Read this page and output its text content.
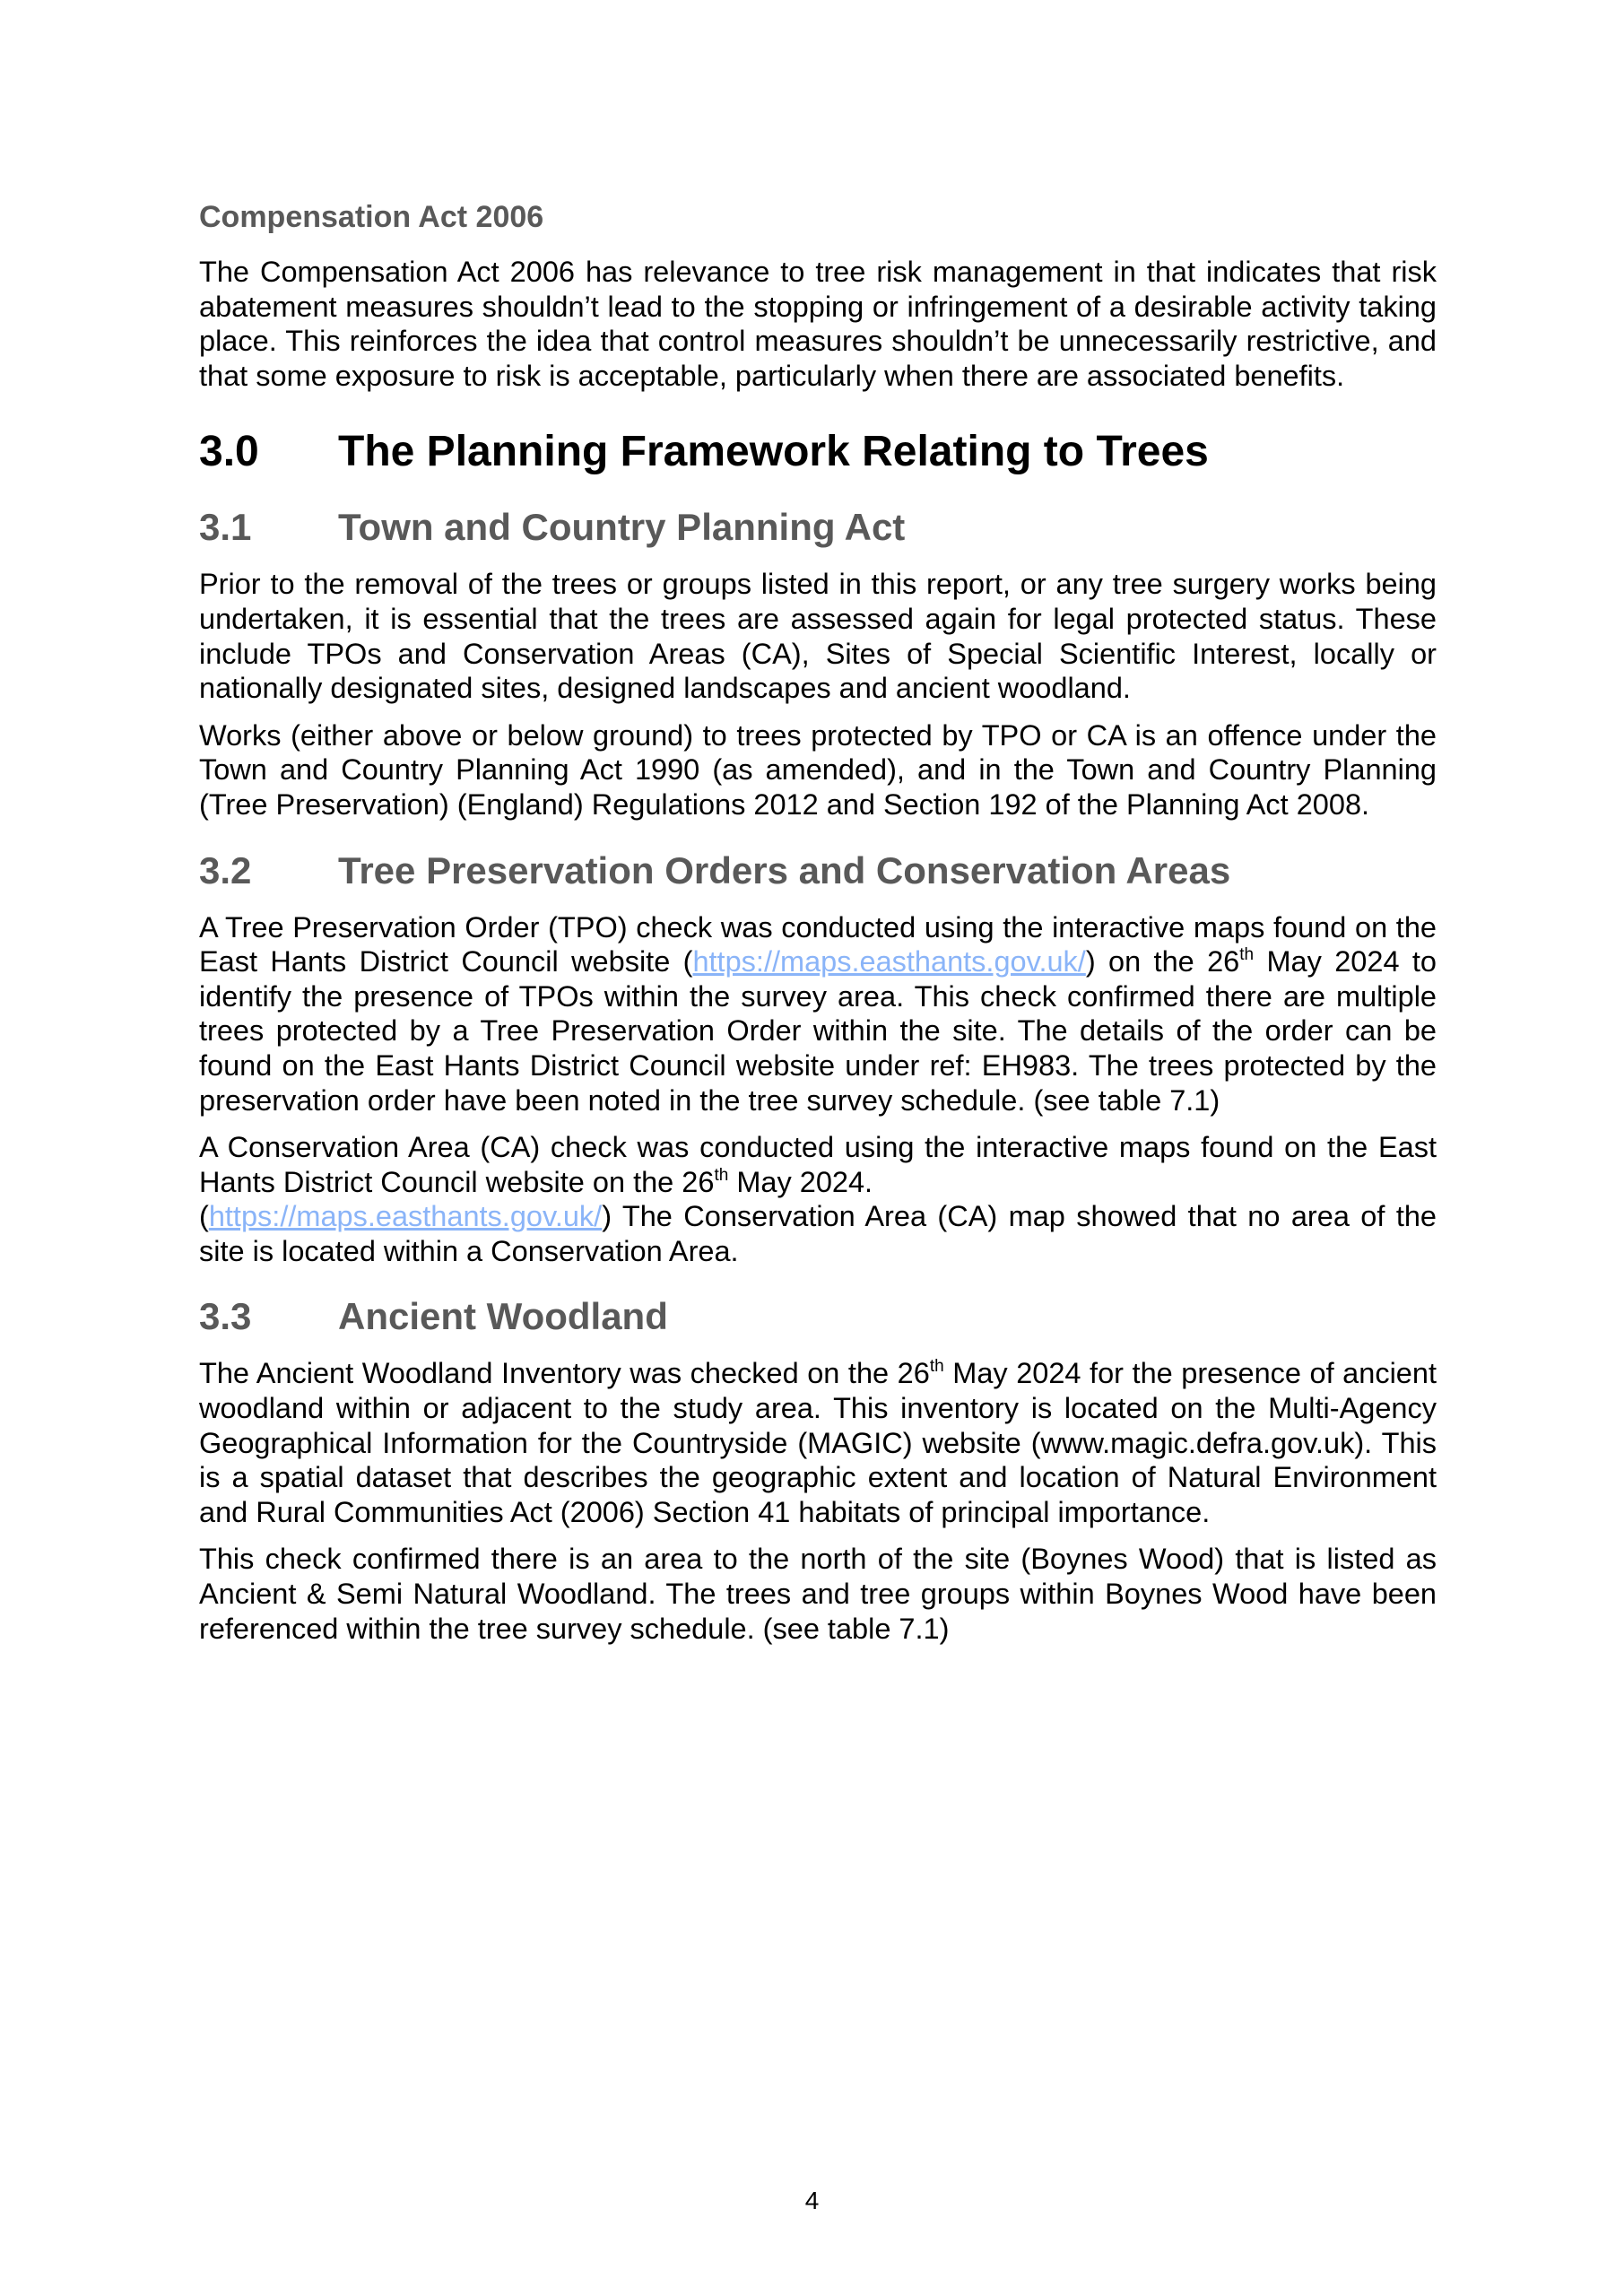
Compensation Act 2006

The Compensation Act 2006 has relevance to tree risk management in that indicates that risk abatement measures shouldn’t lead to the stopping or infringement of a desirable activity taking place. This reinforces the idea that control measures shouldn’t be unnecessarily restrictive, and that some exposure to risk is acceptable, particularly when there are associated benefits.

3.0	The Planning Framework Relating to Trees
3.1	Town and Country Planning Act

Prior to the removal of the trees or groups listed in this report, or any tree surgery works being undertaken, it is essential that the trees are assessed again for legal protected status. These include TPOs and Conservation Areas (CA), Sites of Special Scientific Interest, locally or nationally designated sites, designed landscapes and ancient woodland.

Works (either above or below ground) to trees protected by TPO or CA is an offence under the Town and Country Planning Act 1990 (as amended), and in the Town and Country Planning (Tree Preservation) (England) Regulations 2012 and Section 192 of the Planning Act 2008.

3.2	Tree Preservation Orders and Conservation Areas

A Tree Preservation Order (TPO) check was conducted using the interactive maps found on the East Hants District Council website (https://maps.easthants.gov.uk/) on the 26th May 2024 to identify the presence of TPOs within the survey area. This check confirmed there are multiple trees protected by a Tree Preservation Order within the site. The details of the order can be found on the East Hants District Council website under ref: EH983. The trees protected by the preservation order have been noted in the tree survey schedule. (see table 7.1)

A Conservation Area (CA) check was conducted using the interactive maps found on the East Hants District Council website on the 26th May 2024.
(https://maps.easthants.gov.uk/) The Conservation Area (CA) map showed that no area of the site is located within a Conservation Area.

3.3	Ancient Woodland

The Ancient Woodland Inventory was checked on the 26th May 2024 for the presence of ancient woodland within or adjacent to the study area. This inventory is located on the Multi-Agency Geographical Information for the Countryside (MAGIC) website (www.magic.defra.gov.uk). This is a spatial dataset that describes the geographic extent and location of Natural Environment and Rural Communities Act (2006) Section 41 habitats of principal importance.

This check confirmed there is an area to the north of the site (Boynes Wood) that is listed as Ancient & Semi Natural Woodland. The trees and tree groups within Boynes Wood have been referenced within the tree survey schedule. (see table 7.1)

4
